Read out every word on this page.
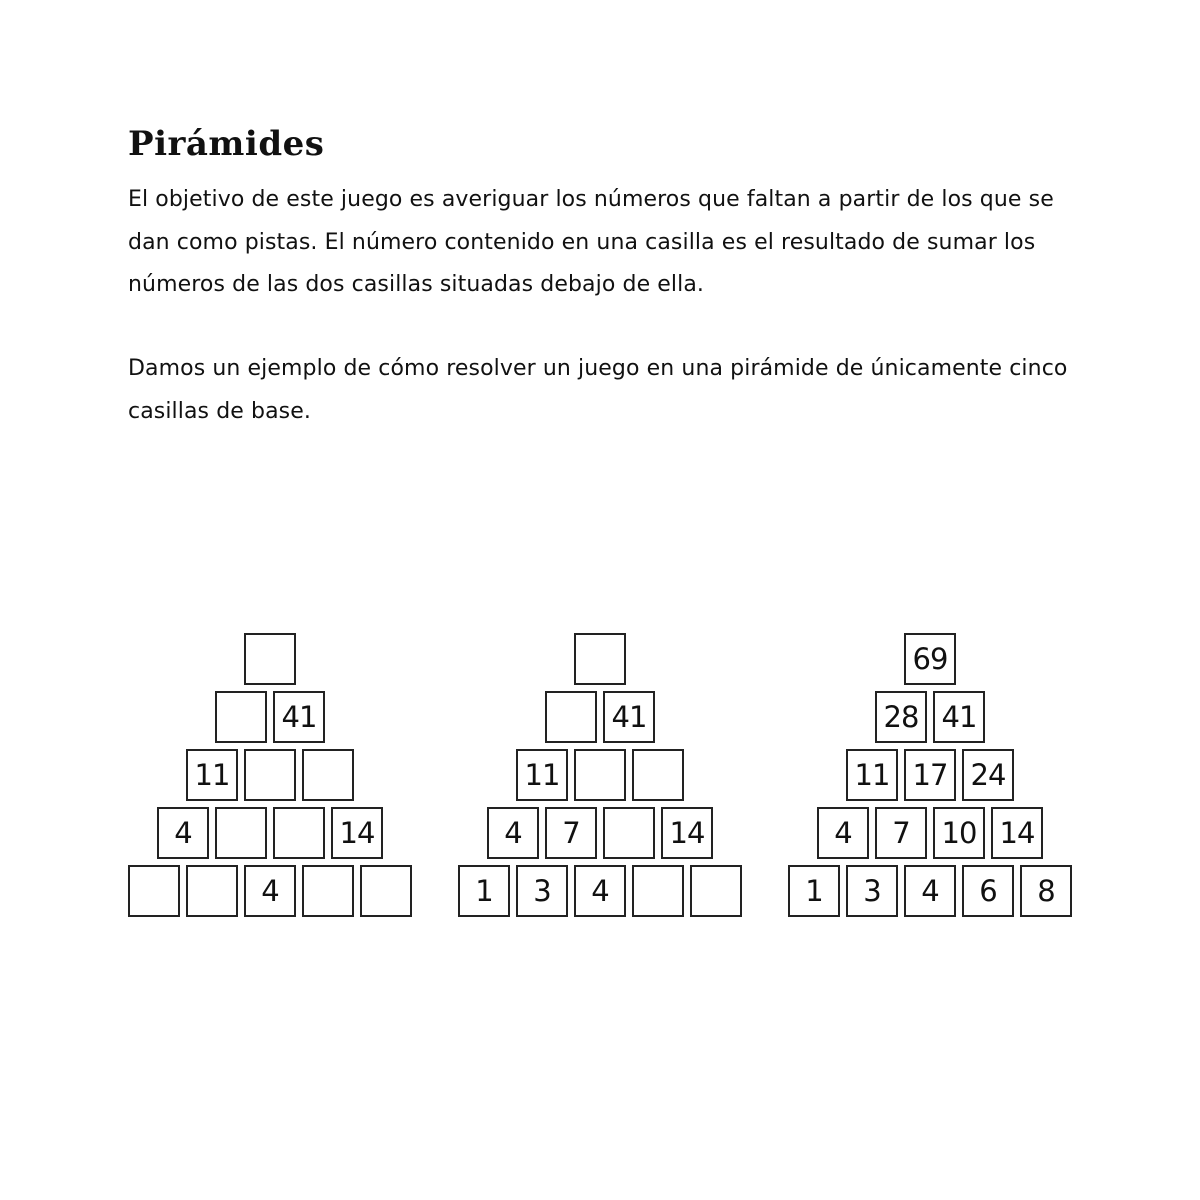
Pirámides

El objetivo de este juego es averiguar los números que faltan a partir de los que se dan como pistas. El número contenido en una casilla es el resultado de sumar los números de las dos casillas situadas debajo de ella.

Damos un ejemplo de cómo resolver un juego en una pirámide de únicamente cinco casillas de base.

41
11
4	14
4
41
11
4	7	14
1	3	4
69
28 41
11 17 24
4	7	10 14
1	3	4	6	8
